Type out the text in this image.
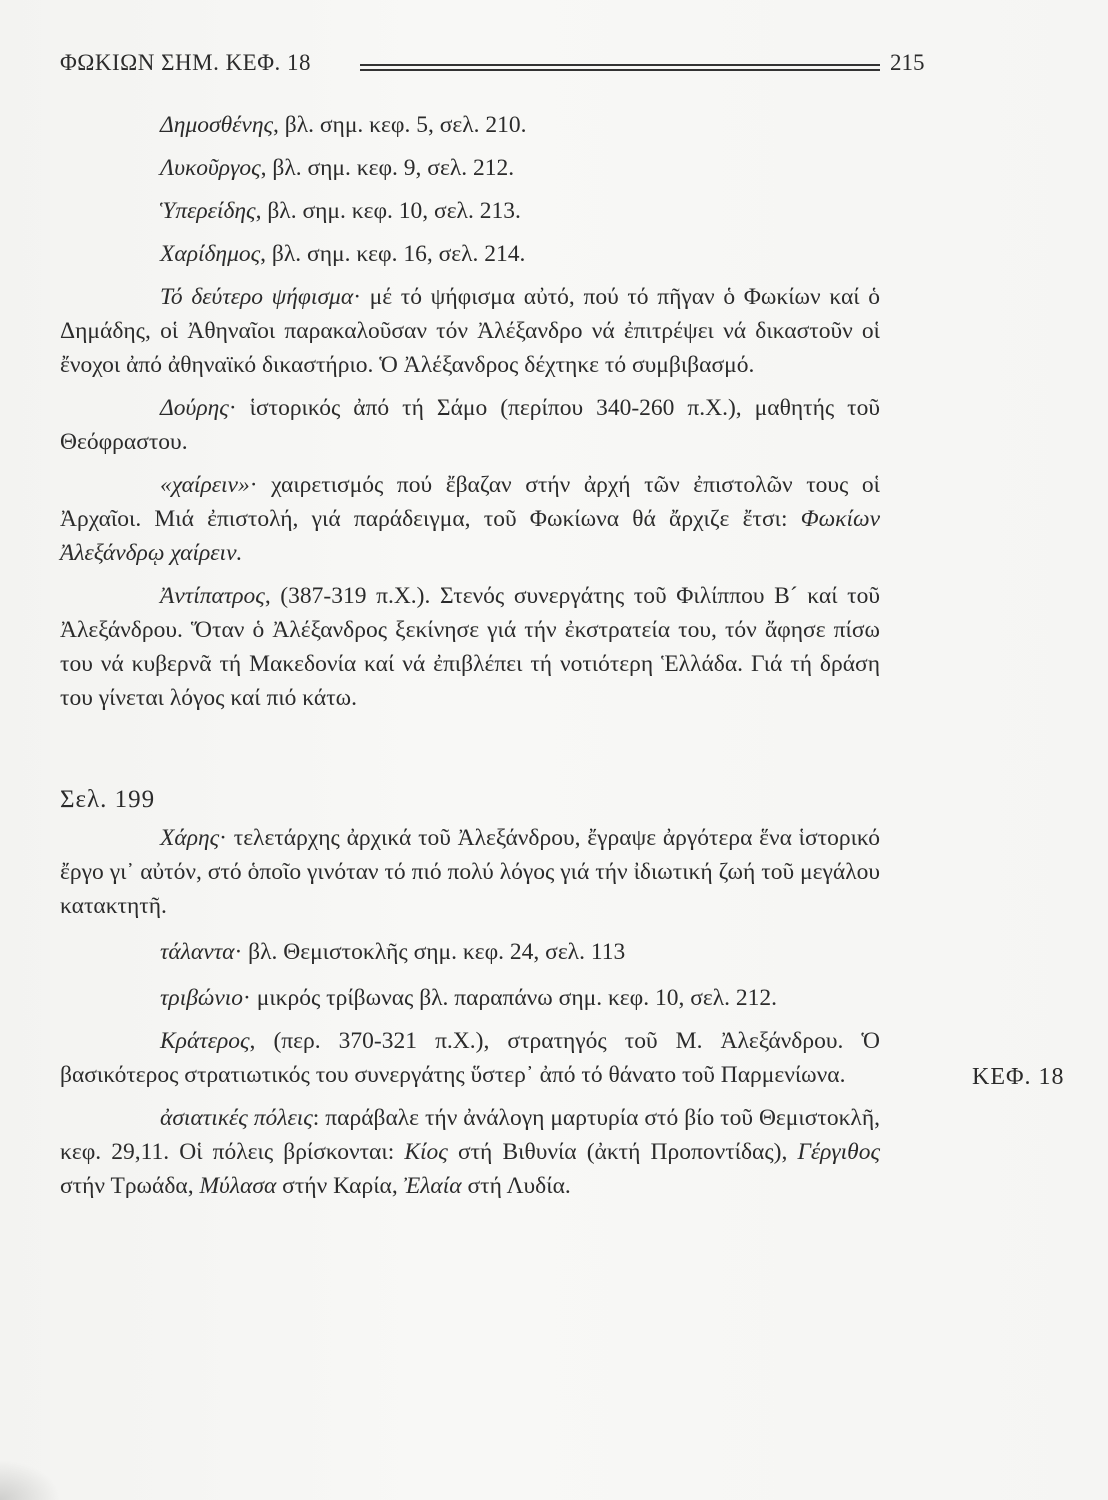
ΦΩΚΙΩΝ ΣΗΜ. ΚΕΦ. 18	215

Δημοσθένης, βλ. σημ. κεφ. 5, σελ. 210.

Λυκοῦργος, βλ. σημ. κεφ. 9, σελ. 212.

Ὑπερείδης, βλ. σημ. κεφ. 10, σελ. 213.

Χαρίδημος, βλ. σημ. κεφ. 16, σελ. 214.

Τό δεύτερο ψήφισμα· μέ τό ψήφισμα αὐτό, πού τό πῆγαν ὁ Φωκίων καί ὁ Δημάδης, οἱ Ἀθηναῖοι παρακαλοῦσαν τόν Ἀλέξανδρο νά ἐπιτρέψει νά δικαστοῦν οἱ ἔνοχοι ἀπό ἀθηναϊκό δικαστήριο. Ὁ Ἀλέξανδρος δέχτηκε τό συμβιβασμό.

Δούρης· ἱστορικός ἀπό τή Σάμο (περίπου 340-260 π.Χ.), μαθητής τοῦ Θεόφραστου.

«χαίρειν»· χαιρετισμός πού ἔβαζαν στήν ἀρχή τῶν ἐπιστολῶν τους οἱ Ἀρχαῖοι. Μιά ἐπιστολή, γιά παράδειγμα, τοῦ Φωκίωνα θά ἄρχιζε ἔτσι: Φωκίων Ἀλεξάνδρῳ χαίρειν.

Ἀντίπατρος, (387-319 π.Χ.). Στενός συνεργάτης τοῦ Φιλίππου Β´ καί τοῦ Ἀλεξάνδρου. Ὅταν ὁ Ἀλέξανδρος ξεκίνησε γιά τήν ἐκστρατεία του, τόν ἄφησε πίσω του νά κυβερνᾶ τή Μακεδονία καί νά ἐπιβλέπει τή νοτιότερη Ἑλλάδα. Γιά τή δράση του γίνεται λόγος καί πιό κάτω.

Σελ. 199

Χάρης· τελετάρχης ἀρχικά τοῦ Ἀλεξάνδρου, ἔγραψε ἀργότερα ἕνα ἱστορικό ἔργο γι᾿ αὐτόν, στό ὁποῖο γινόταν τό πιό πολύ λόγος γιά τήν ἰδιωτική ζωή τοῦ μεγάλου κατακτητῆ.

τάλαντα· βλ. Θεμιστοκλῆς σημ. κεφ. 24, σελ. 113

τριβώνιο· μικρός τρίβωνας βλ. παραπάνω σημ. κεφ. 10, σελ. 212.

Κράτερος, (περ. 370-321 π.Χ.), στρατηγός τοῦ Μ. Ἀλεξάνδρου. Ὁ βασικότερος στρατιωτικός του συνεργάτης ὕστερ᾿ ἀπό τό θάνατο τοῦ Παρμενίωνα.

ἀσιατικές πόλεις: παράβαλε τήν ἀνάλογη μαρτυρία στό βίο τοῦ Θεμιστοκλῆ, κεφ. 29,11. Οἱ πόλεις βρίσκονται: Κίος στή Βιθυνία (ἀκτή Προποντίδας), Γέργιθος στήν Τρωάδα, Μύλασα στήν Καρία, Ἐλαία στή Λυδία.

ΚΕΦ. 18
